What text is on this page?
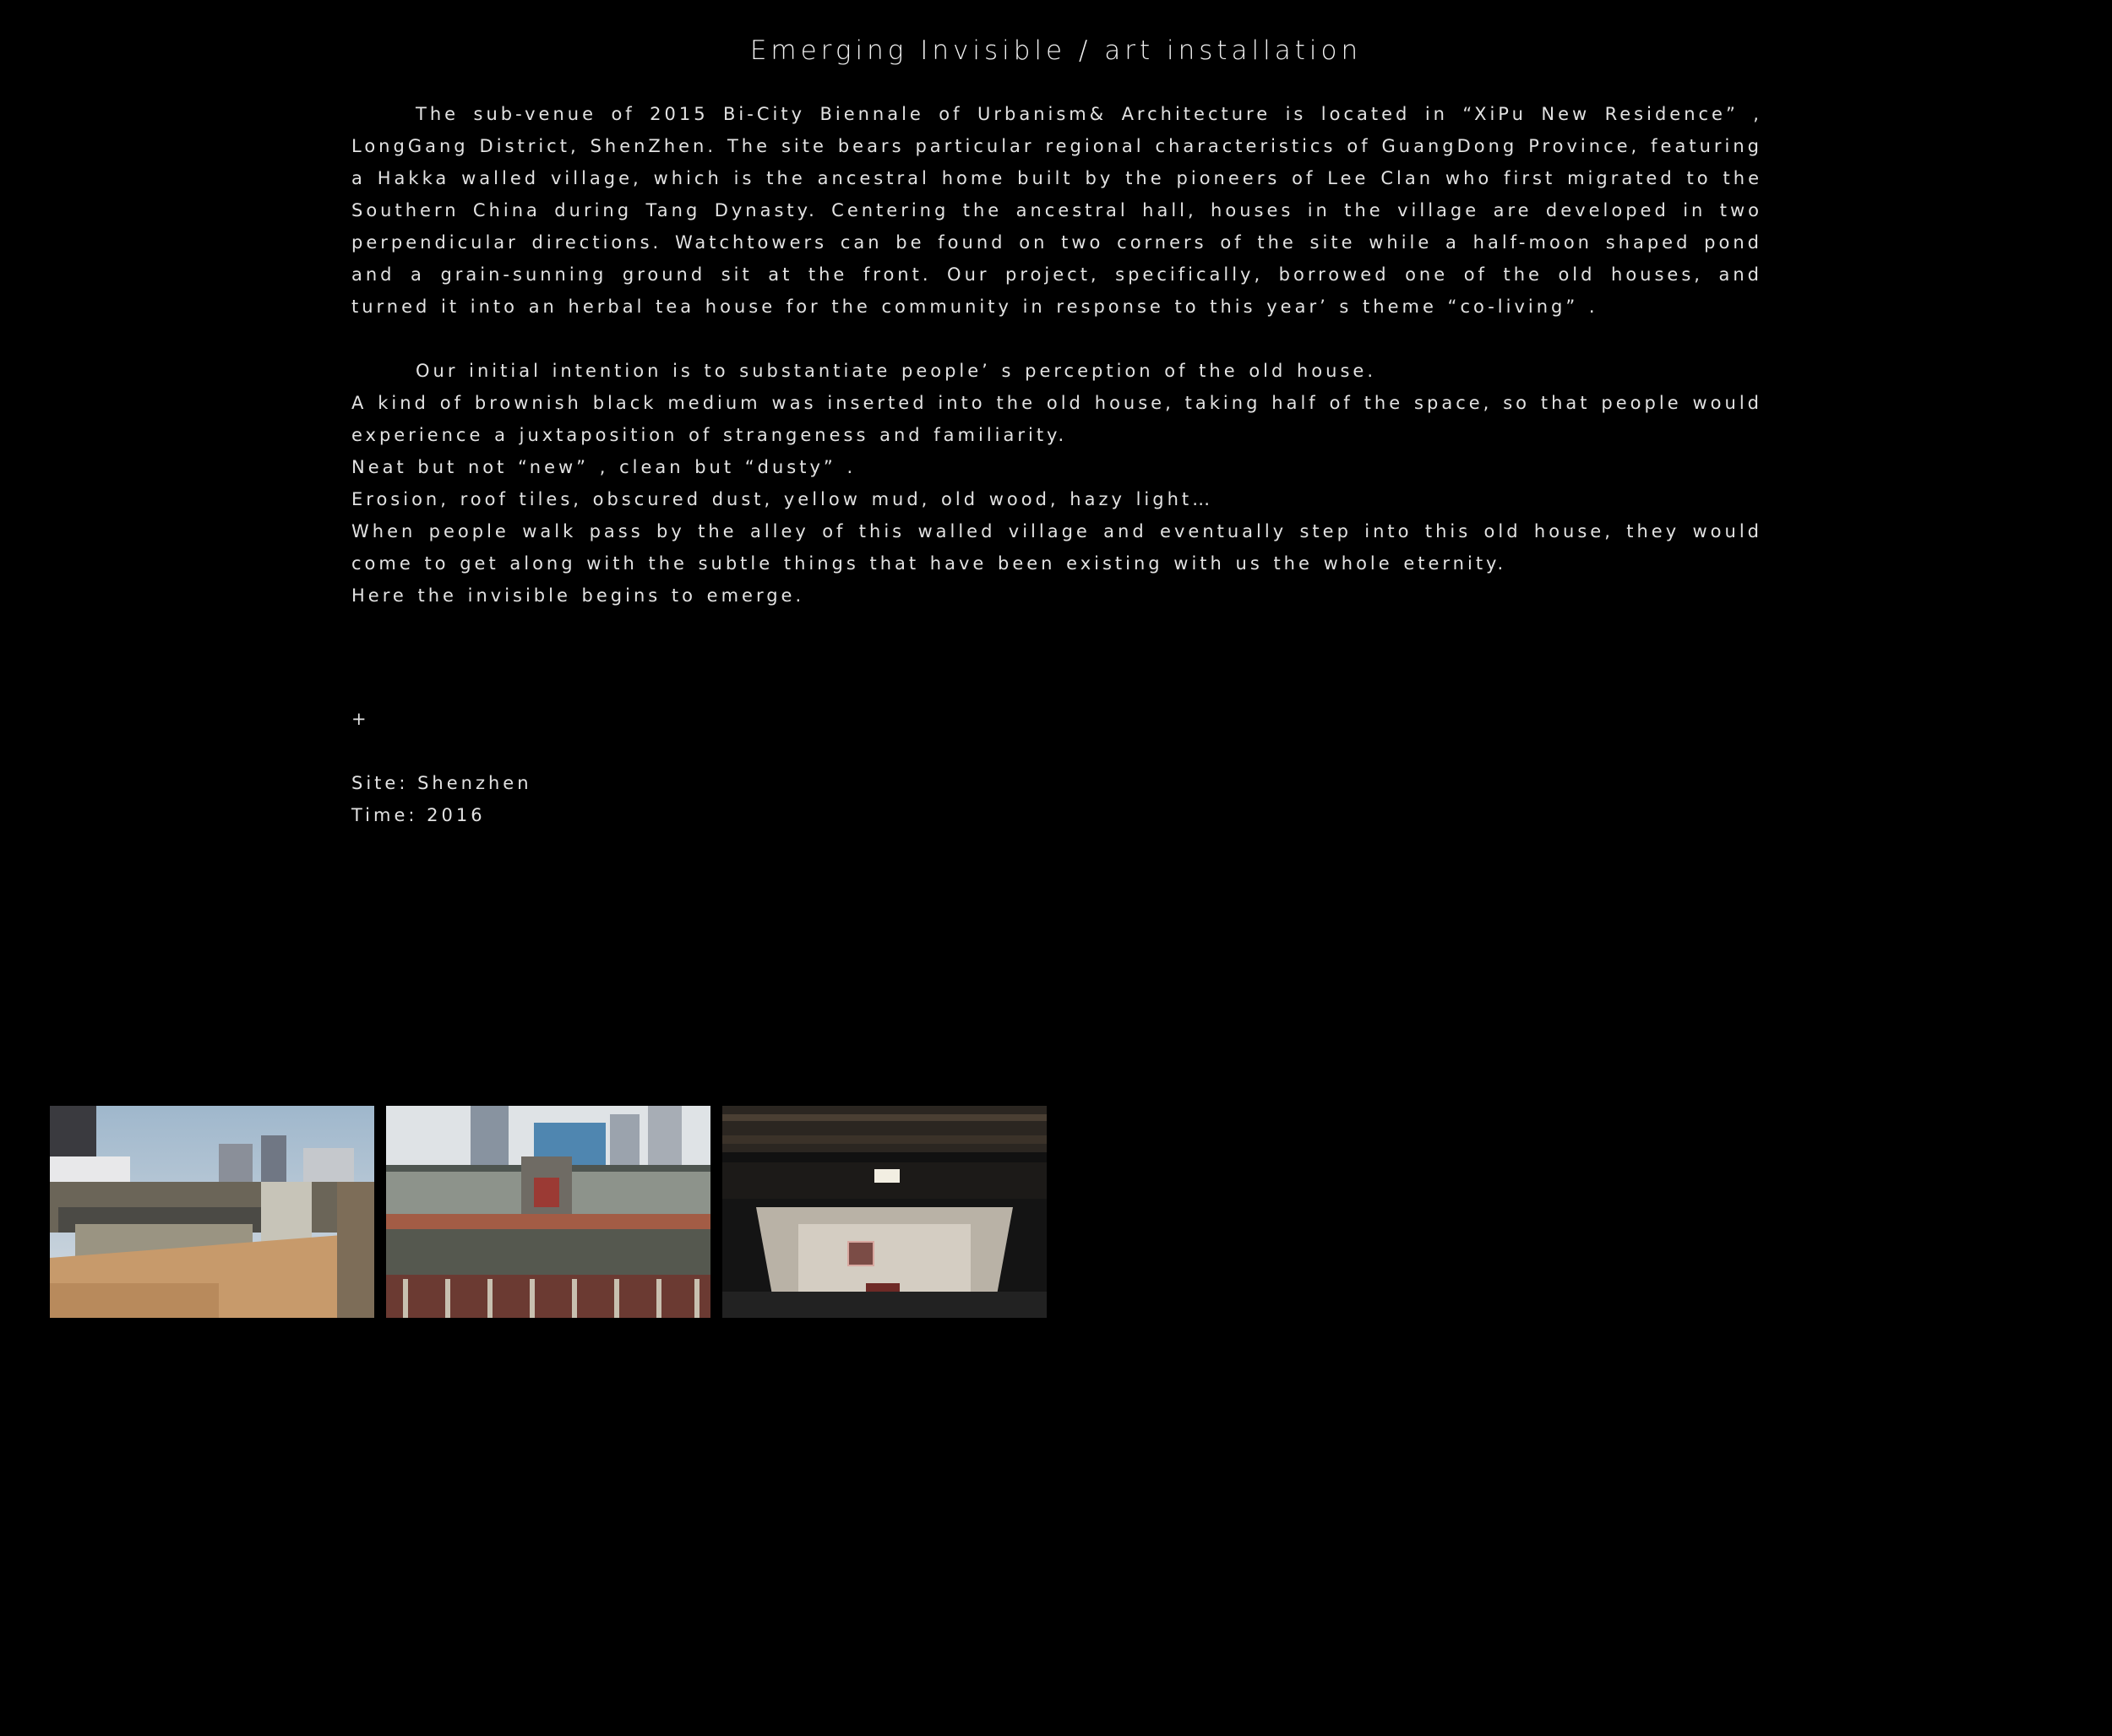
Emerging Invisible / art installation

The sub-venue of 2015 Bi-City Biennale of Urbanism& Architecture is located in “XiPu New Residence” , LongGang District, ShenZhen. The site bears particular regional characteristics of GuangDong Province, featuring a Hakka walled village, which is the ancestral home built by the pioneers of Lee Clan who first migrated to the Southern China during Tang Dynasty. Centering the ancestral hall, houses in the village are developed in two perpendicular directions. Watchtowers can be found on two corners of the site while a half-moon shaped pond and a grain-sunning ground sit at the front. Our project, specifically, borrowed one of the old houses, and turned it into an herbal tea house for the community in response to this year’ s theme “co-living” .

Our initial intention is to substantiate people’ s perception of the old house.

A kind of brownish black medium was inserted into the old house, taking half of the space, so that people would experience a juxtaposition of strangeness and familiarity.

Neat but not “new” , clean but “dusty” .

Erosion, roof tiles, obscured dust, yellow mud, old wood, hazy light…

When people walk pass by the alley of this walled village and eventually step into this old house, they would come to get along with the subtle things that have been existing with us the whole eternity.

Here the invisible begins to emerge.

+
Site: Shenzhen
Time: 2016
